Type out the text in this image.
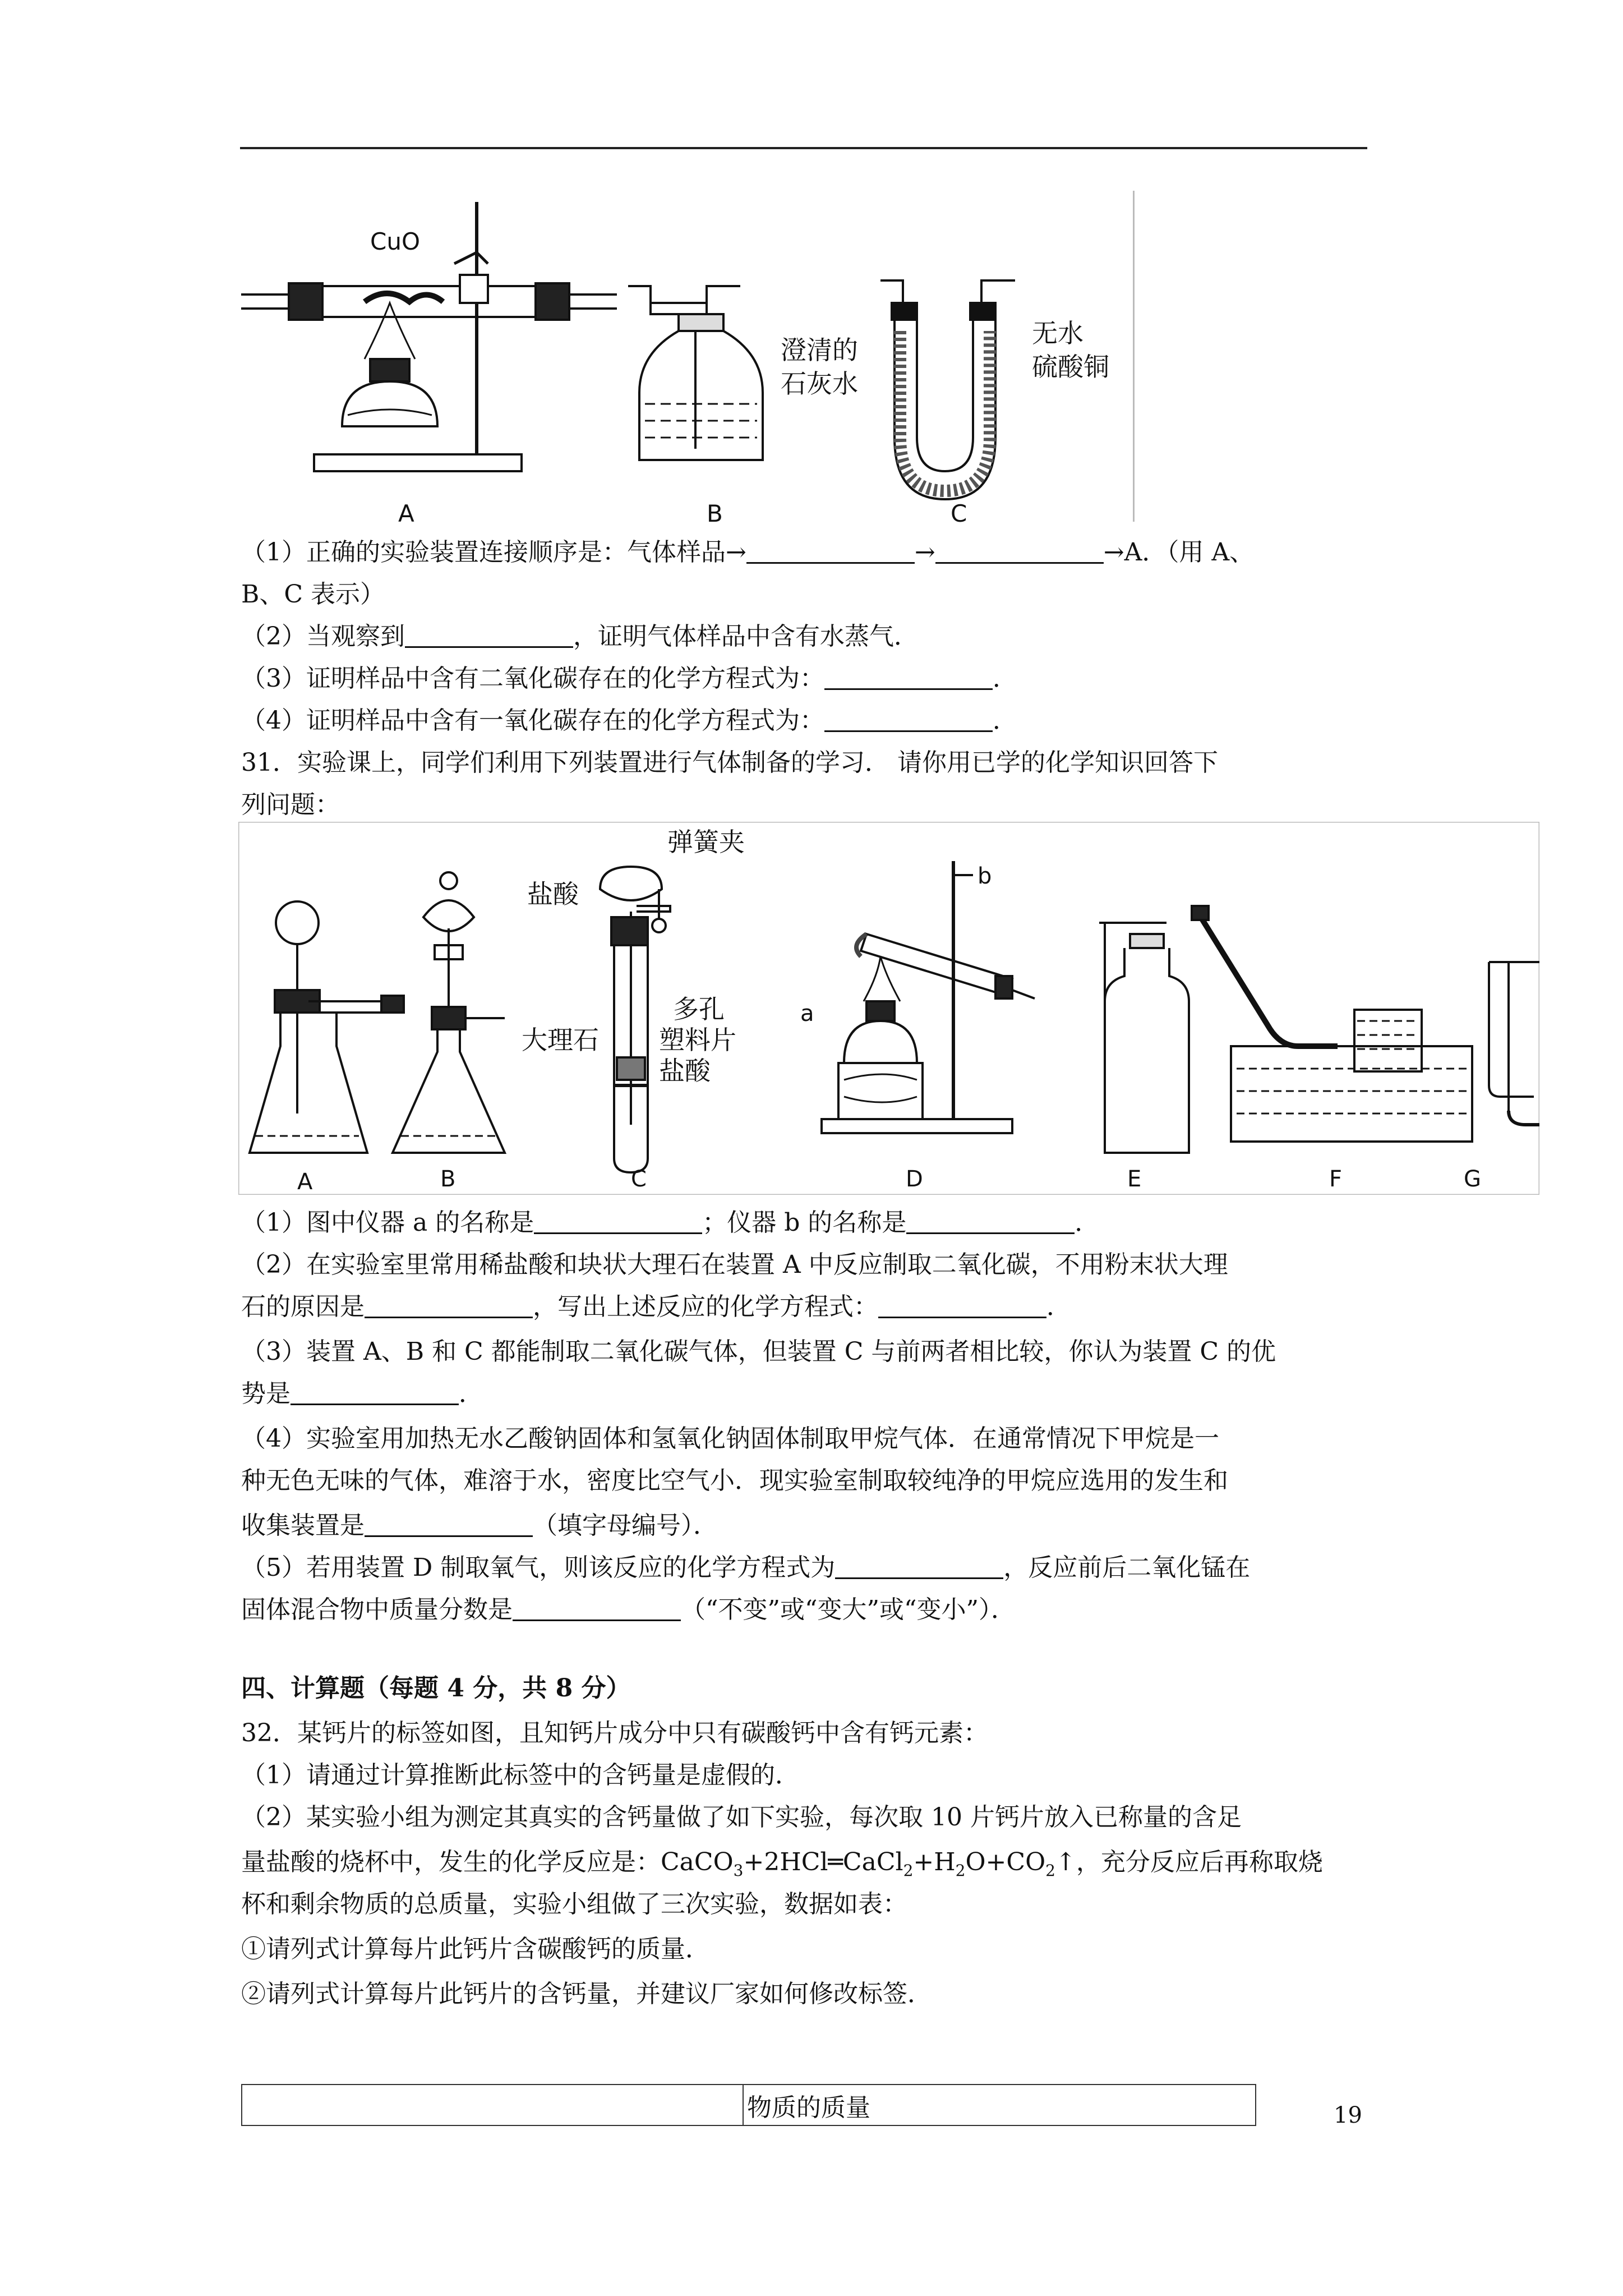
CuO
A
澄清的
石灰水
B
无水
硫酸铜
C
（1）正确的实验装置连接顺序是：气体样品→	→	→A．（用 A、
B、C 表示）
（2）当观察到	，证明气体样品中含有水蒸气．
（3）证明样品中含有二氧化碳存在的化学方程式为：	．
（4）证明样品中含有一氧化碳存在的化学方程式为：	．
31．实验课上，同学们利用下列装置进行气体制备的学习． 请你用已学的化学知识回答下
列问题：
弹簧夹
盐酸
大理石
多孔
塑料片
盐酸
a
b
A	B	C	D	E	F	G
（1）图中仪器 a 的名称是	；仪器 b 的名称是	．
（2）在实验室里常用稀盐酸和块状大理石在装置 A 中反应制取二氧化碳，不用粉末状大理
石的原因是	，写出上述反应的化学方程式：	．
（3）装置 A、B 和 C 都能制取二氧化碳气体，但装置 C 与前两者相比较，你认为装置 C 的优
势是	．
（4）实验室用加热无水乙酸钠固体和氢氧化钠固体制取甲烷气体．在通常情况下甲烷是一
种无色无味的气体，难溶于水，密度比空气小．现实验室制取较纯净的甲烷应选用的发生和
收集装置是	（填字母编号）．
（5）若用装置 D 制取氧气，则该反应的化学方程式为	，反应前后二氧化锰在
固体混合物中质量分数是	（“不变”或“变大”或“变小”）．
四、计算题（每题 4 分，共 8 分）
32．某钙片的标签如图，且知钙片成分中只有碳酸钙中含有钙元素：
（1）请通过计算推断此标签中的含钙量是虚假的．
（2）某实验小组为测定其真实的含钙量做了如下实验，每次取 10 片钙片放入已称量的含足
量盐酸的烧杯中，发生的化学反应是：$CaCO_3+2HCl═CaCl_2+H_2O+CO_2↑$，充分反应后再称取烧
杯和剩余物质的总质量，实验小组做了三次实验，数据如表：
①请列式计算每片此钙片含碳酸钙的质量．
②请列式计算每片此钙片的含钙量，并建议厂家如何修改标签．
	物质的质量	19
